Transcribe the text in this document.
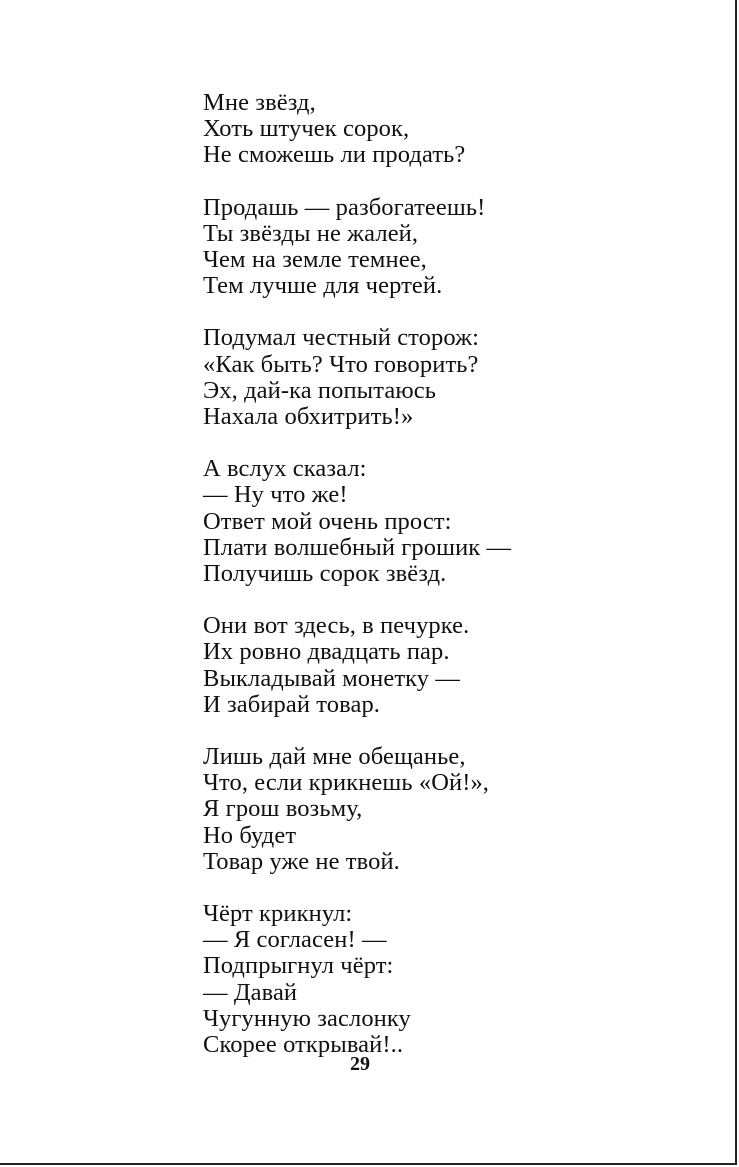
Мне звёзд,
Хоть штучек сорок,
Не сможешь ли продать?
Продашь — разбогатеешь!
Ты звёзды не жалей,
Чем на земле темнее,
Тем лучше для чертей.
Подумал честный сторож:
«Как быть? Что говорить?
Эх, дай-ка попытаюсь
Нахала обхитрить!»
А вслух сказал:
— Ну что же!
Ответ мой очень прост:
Плати волшебный грошик —
Получишь сорок звёзд.
Они вот здесь, в печурке.
Их ровно двадцать пар.
Выкладывай монетку —
И забирай товар.
Лишь дай мне обещанье,
Что, если крикнешь «Ой!»,
Я грош возьму,
Но будет
Товар уже не твой.
Чёрт крикнул:
— Я согласен! —
Подпрыгнул чёрт:
— Давай
Чугунную заслонку
Скорее открывай!..
29
